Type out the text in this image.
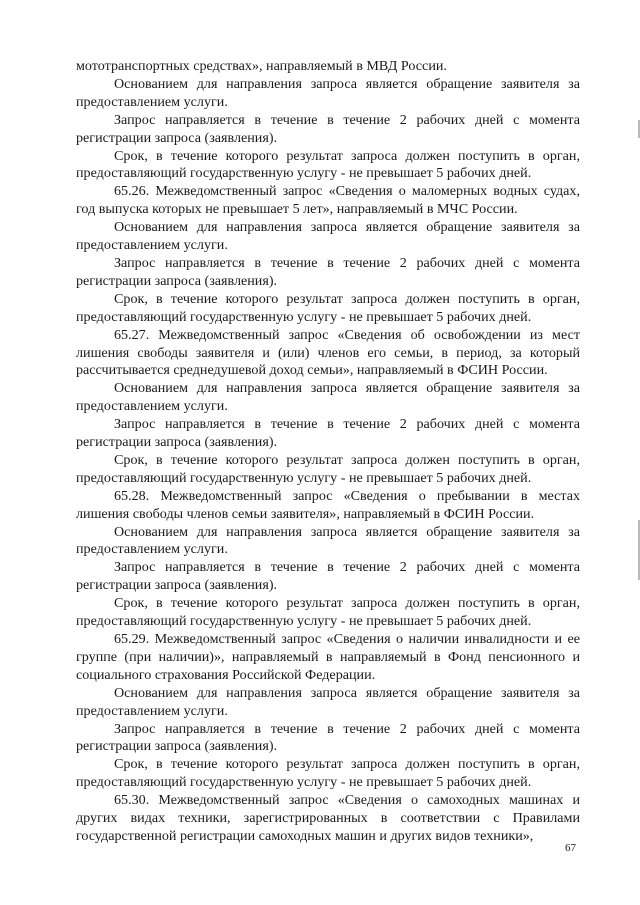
мототранспортных средствах», направляемый в МВД России.

Основанием для направления запроса является обращение заявителя за предоставлением услуги.

Запрос направляется в течение в течение 2 рабочих дней с момента регистрации запроса (заявления).

Срок, в течение которого результат запроса должен поступить в орган, предоставляющий государственную услугу - не превышает 5 рабочих дней.

65.26. Межведомственный запрос «Сведения о маломерных водных судах, год выпуска которых не превышает 5 лет», направляемый в МЧС России.

Основанием для направления запроса является обращение заявителя за предоставлением услуги.

Запрос направляется в течение в течение 2 рабочих дней с момента регистрации запроса (заявления).

Срок, в течение которого результат запроса должен поступить в орган, предоставляющий государственную услугу - не превышает 5 рабочих дней.

65.27. Межведомственный запрос «Сведения об освобождении из мест лишения свободы заявителя и (или) членов его семьи, в период, за который рассчитывается среднедушевой доход семьи», направляемый в ФСИН России.

Основанием для направления запроса является обращение заявителя за предоставлением услуги.

Запрос направляется в течение в течение 2 рабочих дней с момента регистрации запроса (заявления).

Срок, в течение которого результат запроса должен поступить в орган, предоставляющий государственную услугу - не превышает 5 рабочих дней.

65.28. Межведомственный запрос «Сведения о пребывании в местах лишения свободы членов семьи заявителя», направляемый в ФСИН России.

Основанием для направления запроса является обращение заявителя за предоставлением услуги.

Запрос направляется в течение в течение 2 рабочих дней с момента регистрации запроса (заявления).

Срок, в течение которого результат запроса должен поступить в орган, предоставляющий государственную услугу - не превышает 5 рабочих дней.

65.29. Межведомственный запрос «Сведения о наличии инвалидности и ее группе (при наличии)», направляемый в направляемый в Фонд пенсионного и социального страхования Российской Федерации.

Основанием для направления запроса является обращение заявителя за предоставлением услуги.

Запрос направляется в течение в течение 2 рабочих дней с момента регистрации запроса (заявления).

Срок, в течение которого результат запроса должен поступить в орган, предоставляющий государственную услугу - не превышает 5 рабочих дней.

65.30. Межведомственный запрос «Сведения о самоходных машинах и других видах техники, зарегистрированных в соответствии с Правилами государственной регистрации самоходных машин и других видов техники»,

67
